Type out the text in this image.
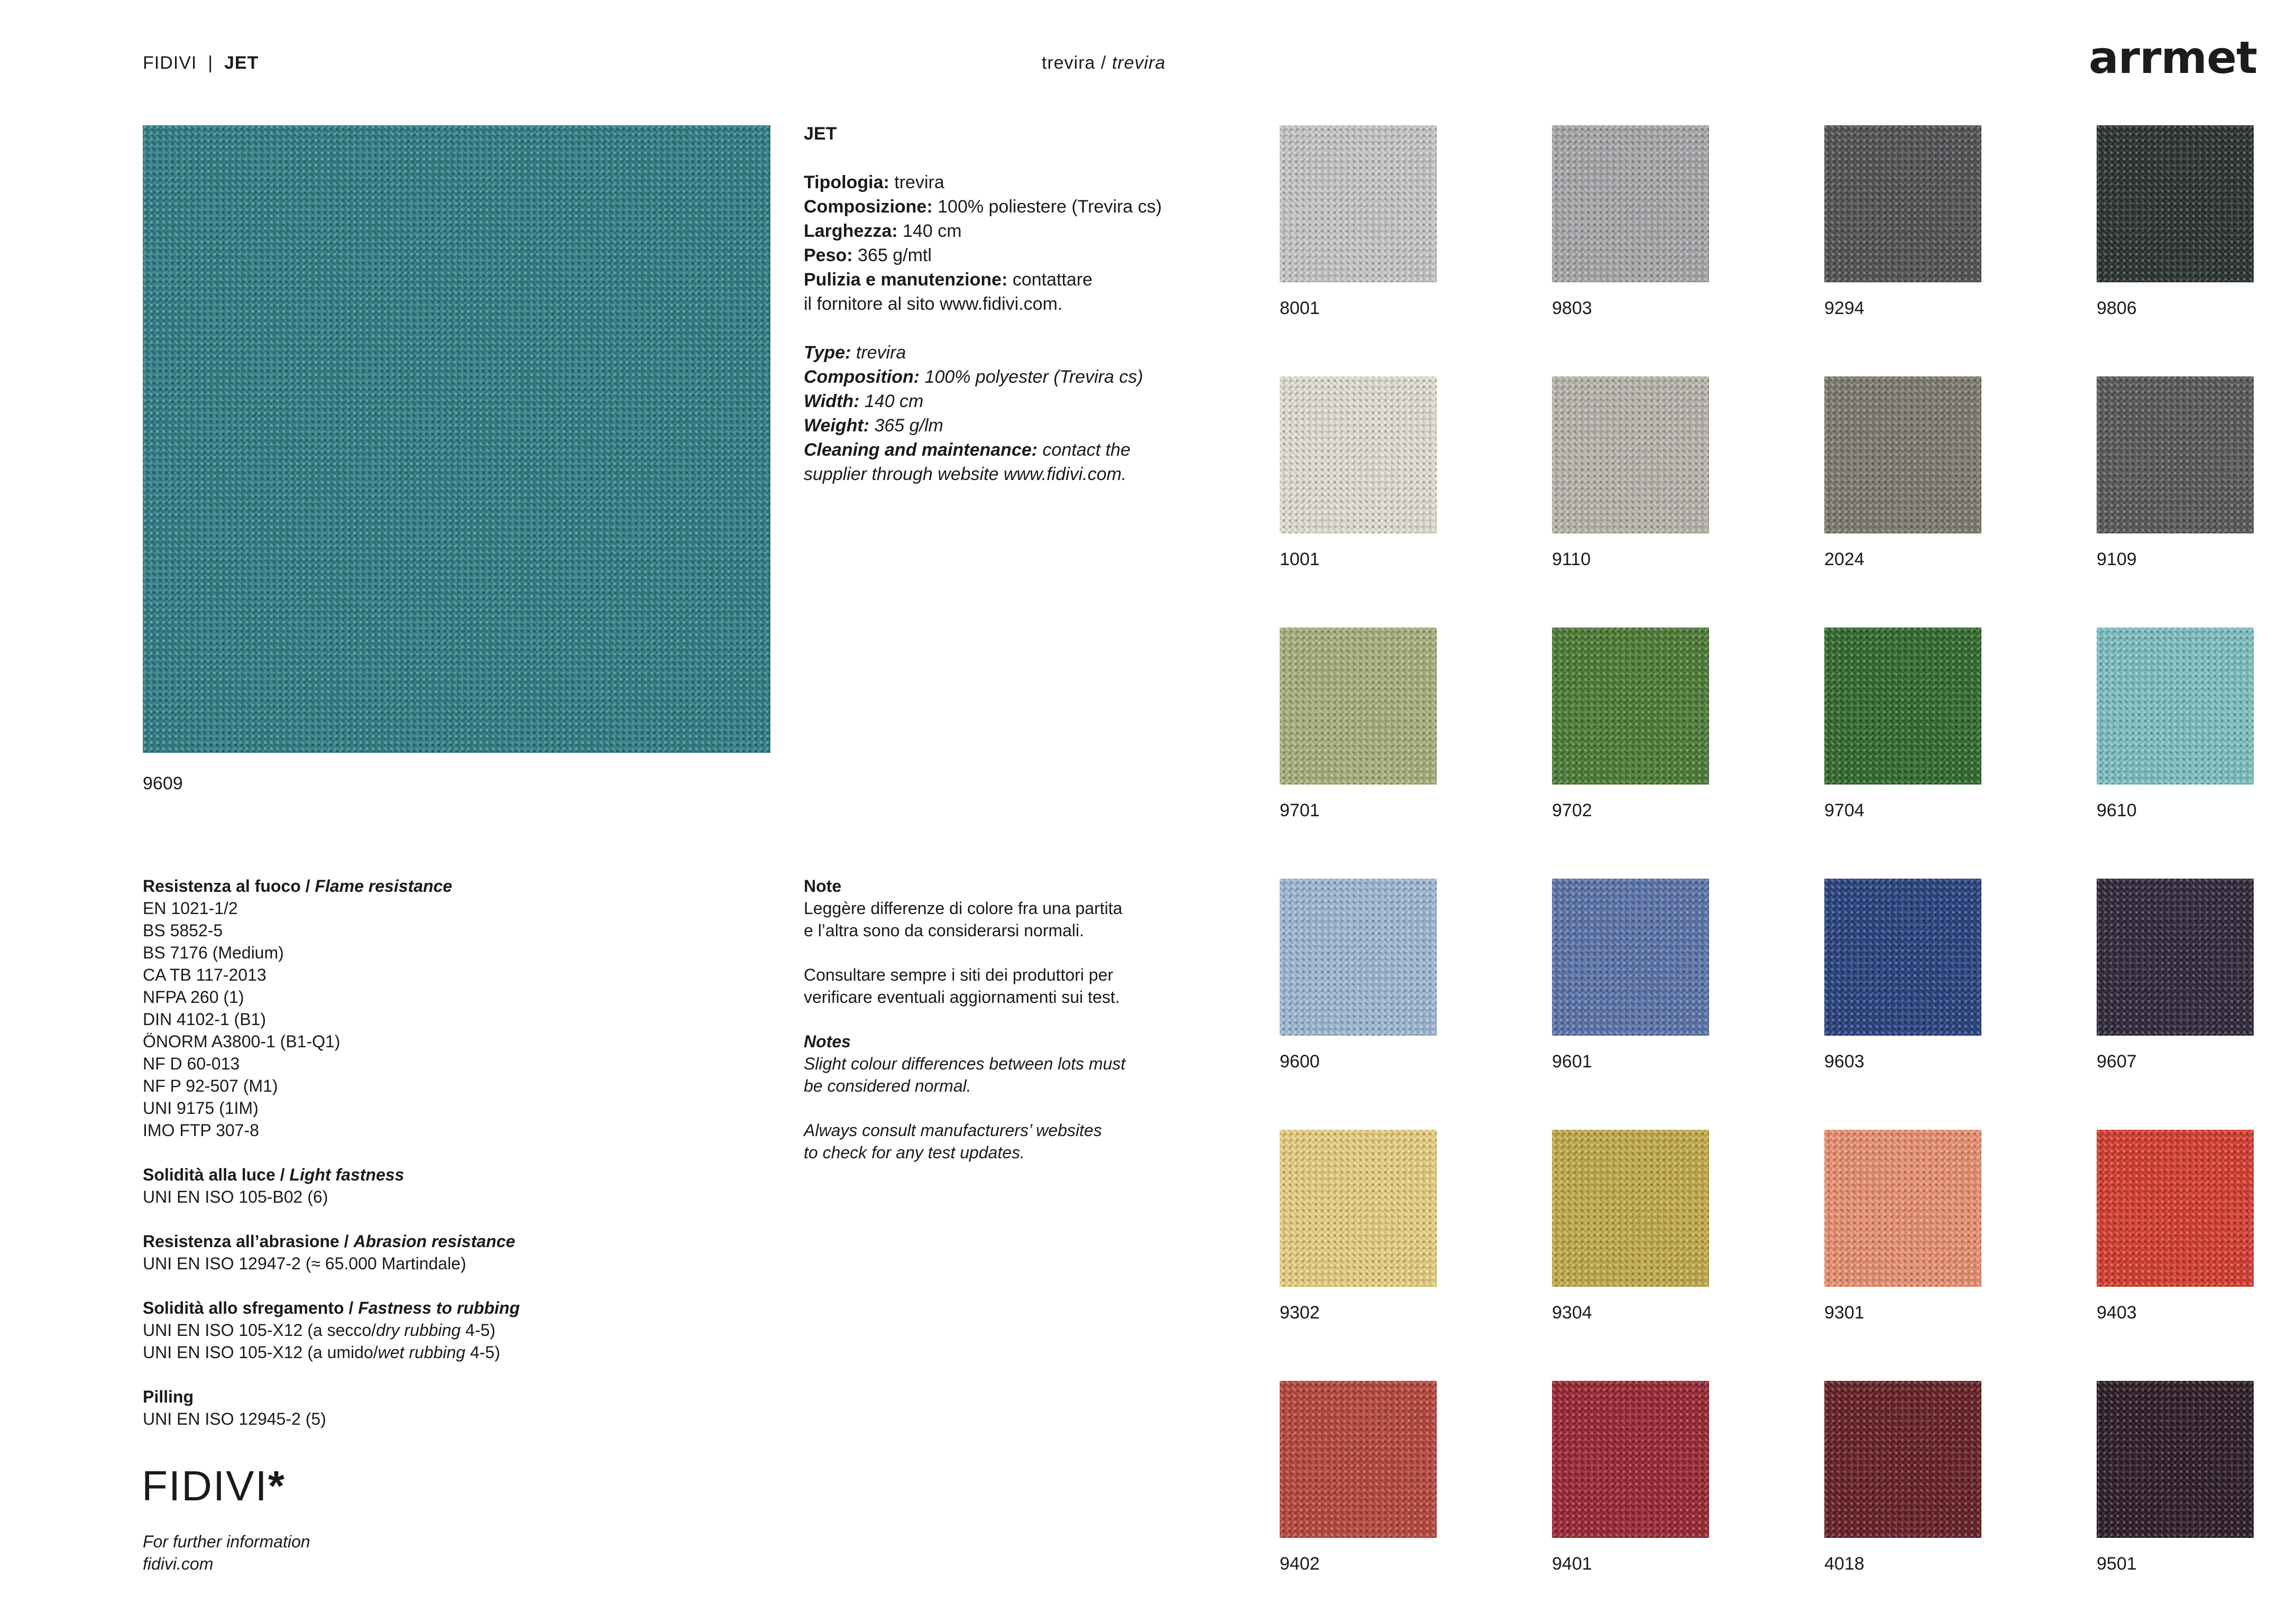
FIDIVI | JET	trevira / trevira	arrmet
9609

JET

Tipologia: trevira

Composizione: 100% poliestere (Trevira cs)

Larghezza: 140 cm

Peso: 365 g/mtl

Pulizia e manutenzione: contattare

il fornitore al sito www.fidivi.com.

Type: trevira

Composition: 100% polyester (Trevira cs)

Width: 140 cm

Weight: 365 g/lm

Cleaning and maintenance: contact the

supplier through website www.fidivi.com.

8001	9803	9294	9806
1001	9110	2024	9109
9701	9702	9704	9610
9600	9601	9603	9607
9302	9304	9301	9403
9402	9401	4018	9501
Resistenza al fuoco / Flame resistance
EN 1021-1/2
BS 5852-5
BS 7176 (Medium)
CA TB 117-2013
NFPA 260 (1)
DIN 4102-1 (B1)
ÖNORM A3800-1 (B1-Q1)
NF D 60-013
NF P 92-507 (M1)
UNI 9175 (1IM)
IMO FTP 307-8
Solidità alla luce / Light fastness
UNI EN ISO 105-B02 (6)
Resistenza all’abrasione / Abrasion resistance
UNI EN ISO 12947-2 (≈ 65.000 Martindale)
Solidità allo sfregamento / Fastness to rubbing
UNI EN ISO 105-X12 (a secco/dry rubbing 4-5)
UNI EN ISO 105-X12 (a umido/wet rubbing 4-5)
Pilling
UNI EN ISO 12945-2 (5)
Note
Leggère differenze di colore fra una partita
e l’altra sono da considerarsi normali.
Consultare sempre i siti dei produttori per
verificare eventuali aggiornamenti sui test.
Notes
Slight colour differences between lots must
be considered normal.
Always consult manufacturers’ websites
to check for any test updates.
FIDIVI*
For further information
fidivi.com
